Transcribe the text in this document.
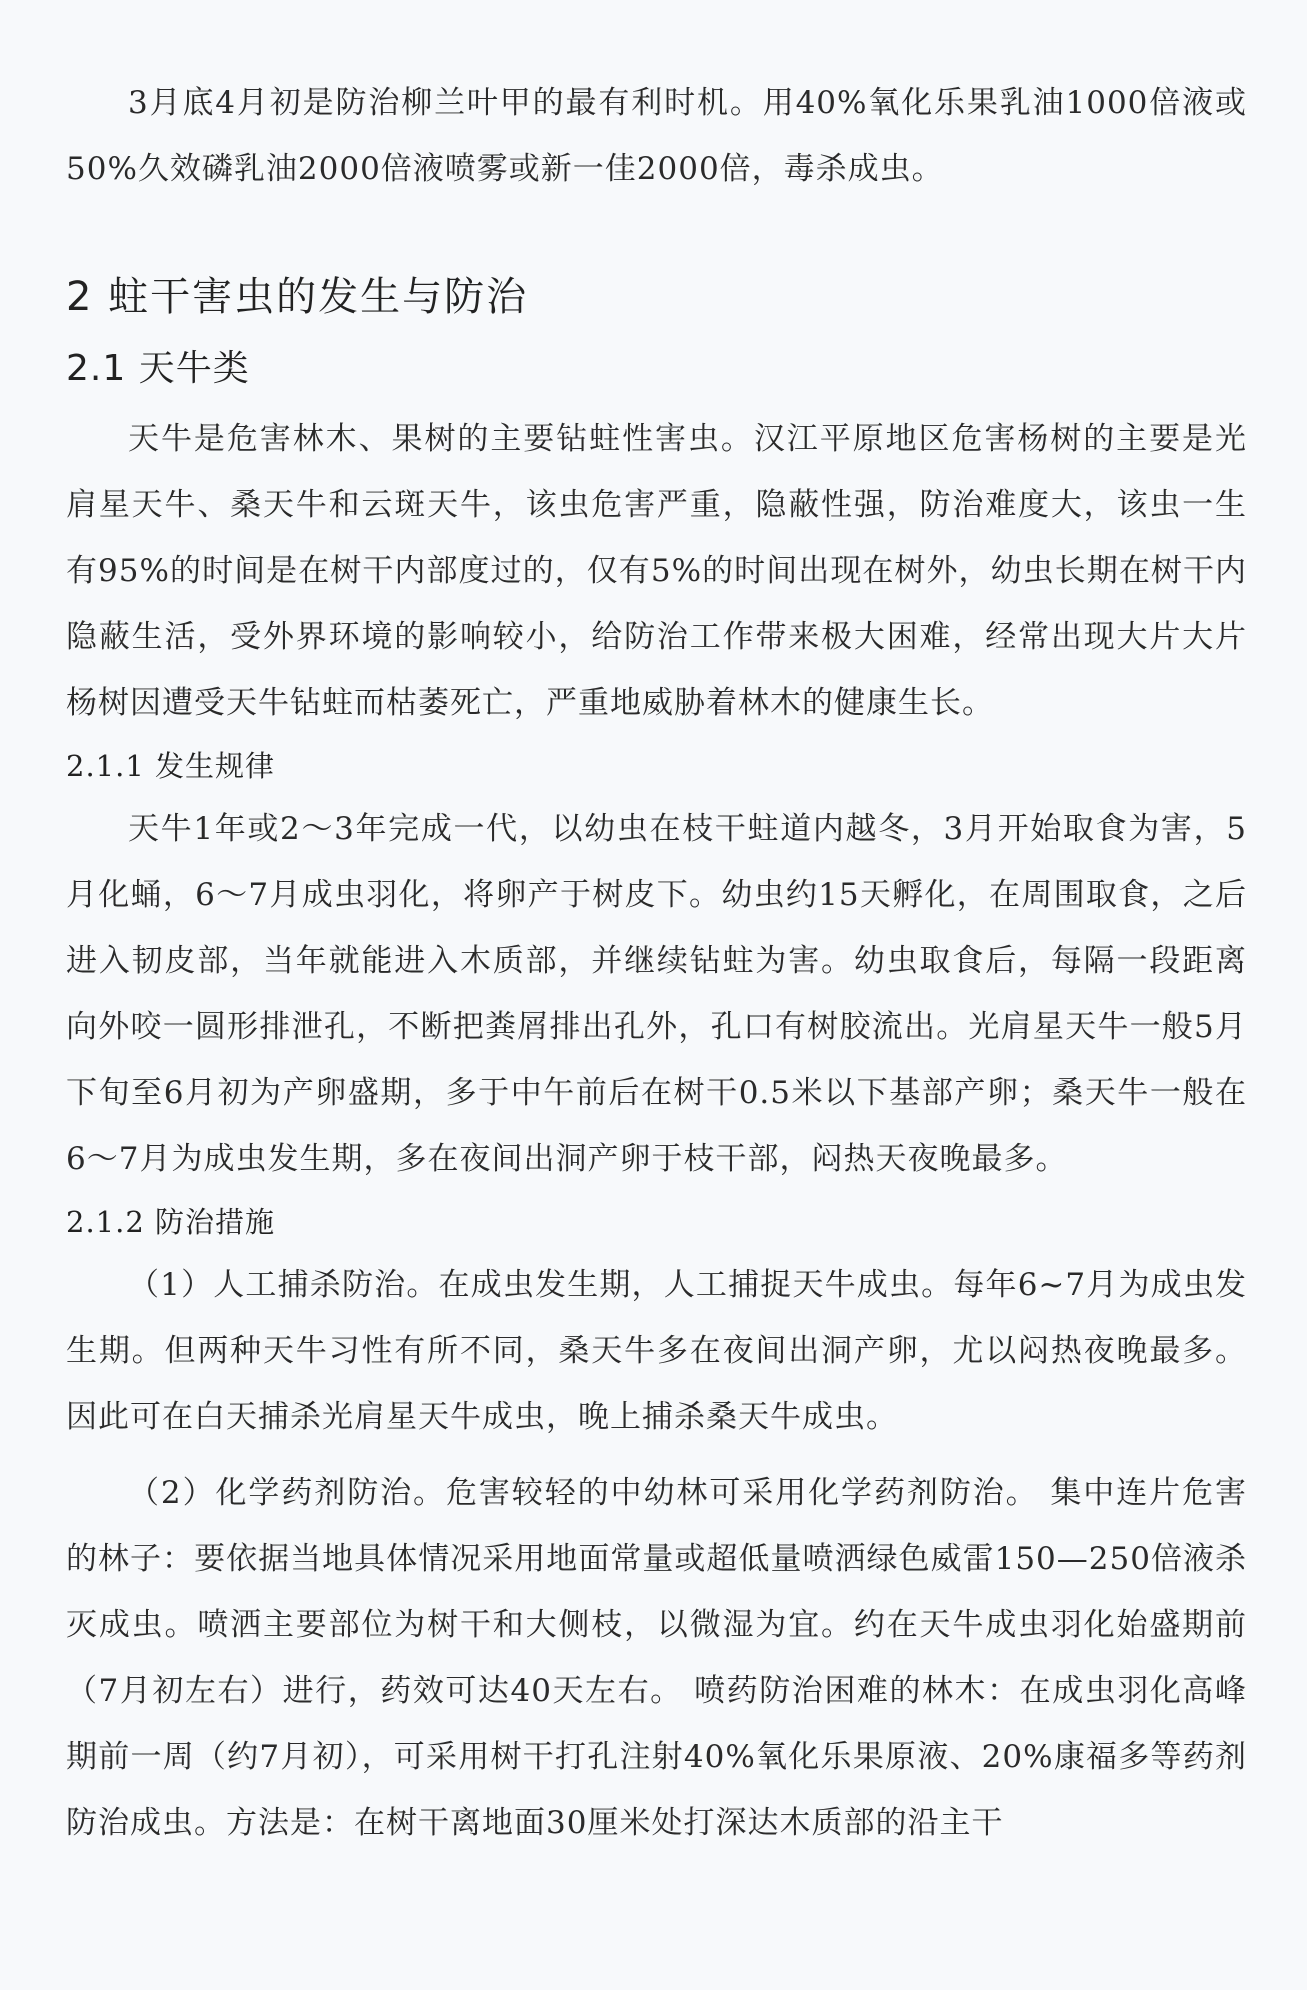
3月底4月初是防治柳兰叶甲的最有利时机。用40%氧化乐果乳油1000倍液或50%久效磷乳油2000倍液喷雾或新一佳2000倍，毒杀成虫。

2 蛀干害虫的发生与防治
2.1 天牛类

天牛是危害林木、果树的主要钻蛀性害虫。汉江平原地区危害杨树的主要是光肩星天牛、桑天牛和云斑天牛，该虫危害严重，隐蔽性强，防治难度大，该虫一生有95%的时间是在树干内部度过的，仅有5%的时间出现在树外，幼虫长期在树干内隐蔽生活，受外界环境的影响较小，给防治工作带来极大困难，经常出现大片大片杨树因遭受天牛钻蛀而枯萎死亡，严重地威胁着林木的健康生长。

2.1.1 发生规律

天牛1年或2～3年完成一代，以幼虫在枝干蛀道内越冬，3月开始取食为害，5月化蛹，6～7月成虫羽化，将卵产于树皮下。幼虫约15天孵化，在周围取食，之后进入韧皮部，当年就能进入木质部，并继续钻蛀为害。幼虫取食后，每隔一段距离向外咬一圆形排泄孔，不断把粪屑排出孔外，孔口有树胶流出。光肩星天牛一般5月下旬至6月初为产卵盛期，多于中午前后在树干0.5米以下基部产卵；桑天牛一般在6～7月为成虫发生期，多在夜间出洞产卵于枝干部，闷热天夜晚最多。

2.1.2 防治措施

（1）人工捕杀防治。在成虫发生期，人工捕捉天牛成虫。每年6~7月为成虫发生期。但两种天牛习性有所不同，桑天牛多在夜间出洞产卵，尤以闷热夜晚最多。因此可在白天捕杀光肩星天牛成虫，晚上捕杀桑天牛成虫。

（2）化学药剂防治。危害较轻的中幼林可采用化学药剂防治。 集中连片危害的林子：要依据当地具体情况采用地面常量或超低量喷洒绿色威雷150—250倍液杀灭成虫。喷洒主要部位为树干和大侧枝，以微湿为宜。约在天牛成虫羽化始盛期前（7月初左右）进行，药效可达40天左右。 喷药防治困难的林木：在成虫羽化高峰期前一周（约7月初），可采用树干打孔注射40%氧化乐果原液、20%康福多等药剂防治成虫。方法是：在树干离地面30厘米处打深达木质部的沿主干
